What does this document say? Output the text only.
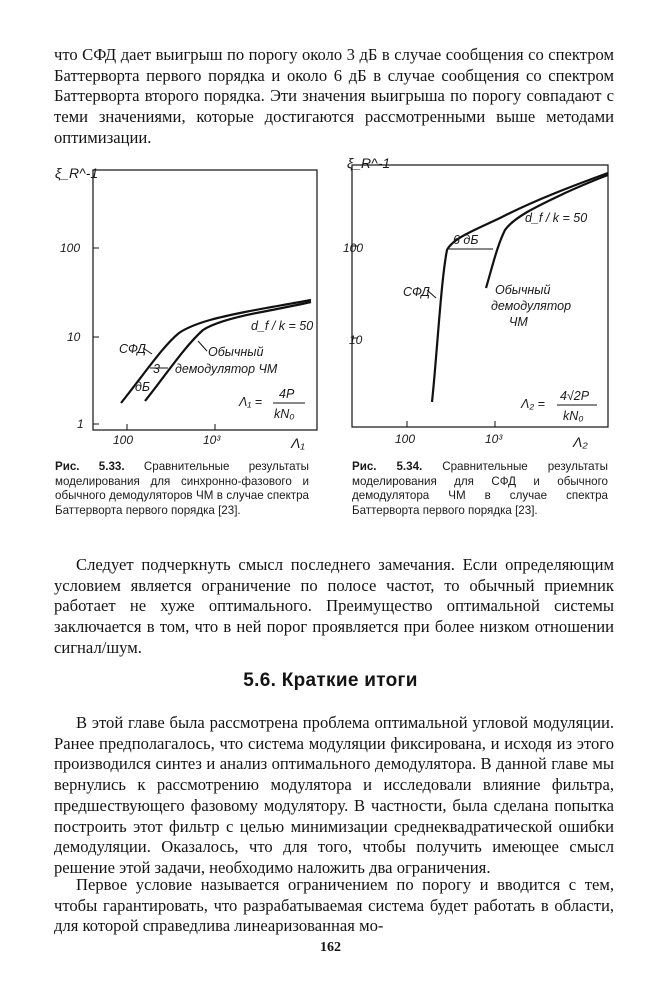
что СФД дает выигрыш по порогу около 3 дБ в случае сообщения со спектром Баттерворта первого порядка и около 6 дБ в случае сообщения со спектром Баттерворта второго порядка. Эти значения выигрыша по порогу совпадают с теми значениями, которые достигаются рассмотренными выше методами оптимизации.

ξ_R^-1
1
10
100
100	10³	Λ₁
СФД
3
дБ
Обычный
демодулятор ЧМ
d_f / k = 50
Λ₁ =
4P
kN₀
ξ_R^-1
100
10
100	10³	Λ₂
6 дБ
СФД	Обычный
демодулятор
ЧМ
d_f / k = 50
Λ₂ =
4√2P
kN₀
Рис. 5.33. Сравнительные результаты моделирования для синхронно-фазового и обычного демодуляторов ЧМ в случае спектра Баттерворта первого порядка [23].
Рис. 5.34. Сравнительные результаты моделирования для СФД и обычного демодулятора ЧМ в случае спектра Баттерворта первого порядка [23].

Следует подчеркнуть смысл последнего замечания. Если определяющим условием является ограничение по полосе частот, то обычный приемник работает не хуже оптимального. Преимущество оптимальной системы заключается в том, что в ней порог проявляется при более низком отношении сигнал/шум.

5.6. Краткие итоги

В этой главе была рассмотрена проблема оптимальной угловой модуляции. Ранее предполагалось, что система модуляции фиксирована, и исходя из этого производился синтез и анализ оптимального демодулятора. В данной главе мы вернулись к рассмотрению модулятора и исследовали влияние фильтра, предшествующего фазовому модулятору. В частности, была сделана попытка построить этот фильтр с целью минимизации среднеквадратической ошибки демодуляции. Оказалось, что для того, чтобы получить имеющее смысл решение этой задачи, необходимо наложить два ограничения.

Первое условие называется ограничением по порогу и вводится с тем, чтобы гарантировать, что разрабатываемая система будет работать в области, для которой справедлива линеаризованная мо-

162
